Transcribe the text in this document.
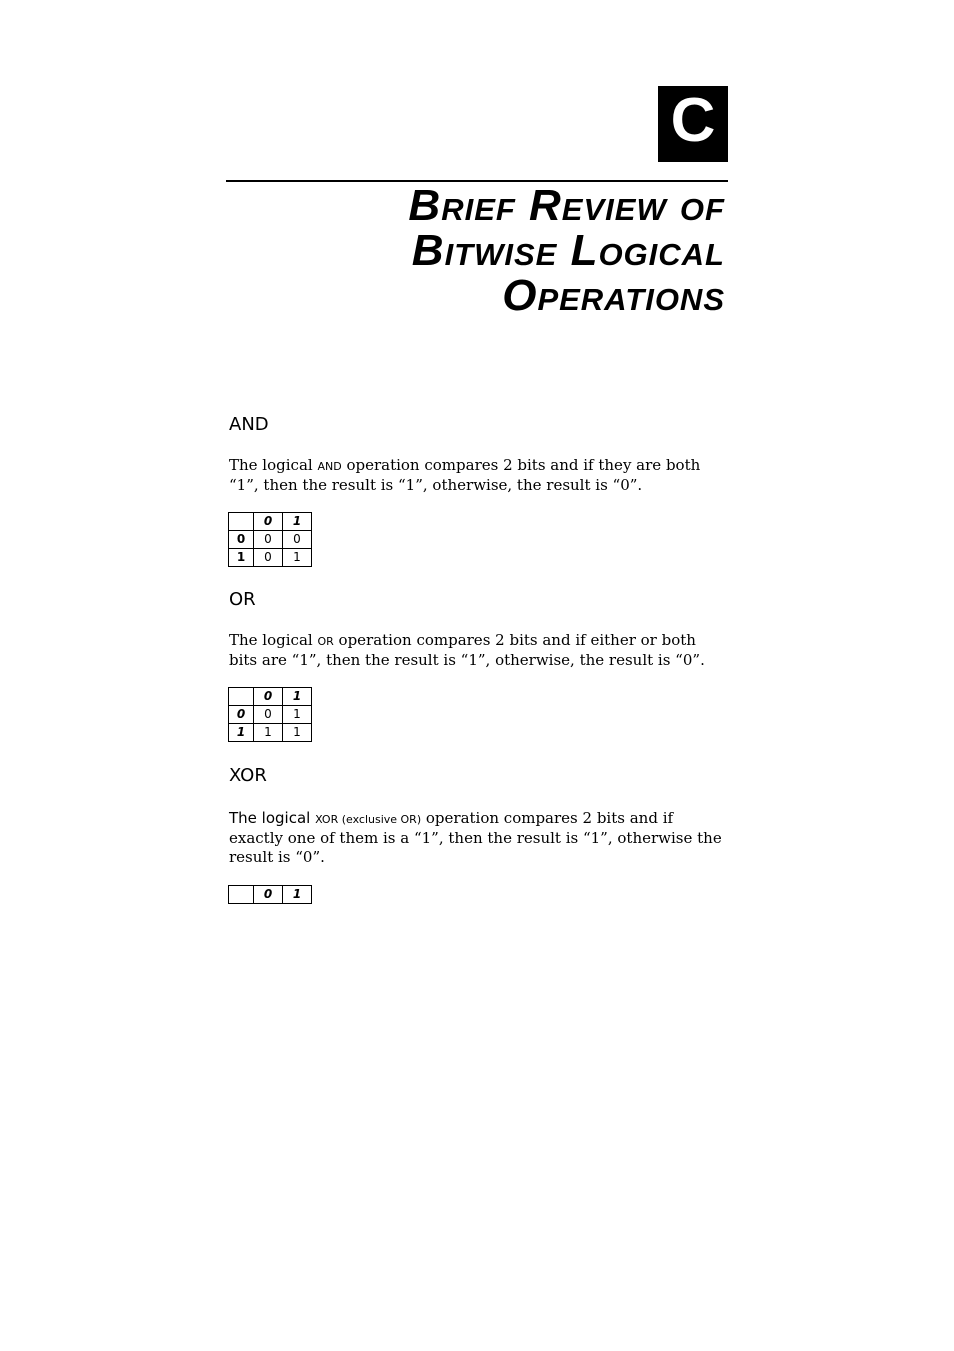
C
Brief Review of
Bitwise Logical
Operations
AND
The logical AND operation compares 2 bits and if they are both
“1”, then the result is “1”, otherwise, the result is “0”.
	0	1
0	0	0
1	0	1
OR
The logical OR operation compares 2 bits and if either or both
bits are “1”, then the result is “1”, otherwise, the result is “0”.
	0	1
0	0	1
1	1	1
XOR
The logical XOR (exclusive OR) operation compares 2 bits and if
exactly one of them is a “1”, then the result is “1”, otherwise the
result is “0”.
	0	1
